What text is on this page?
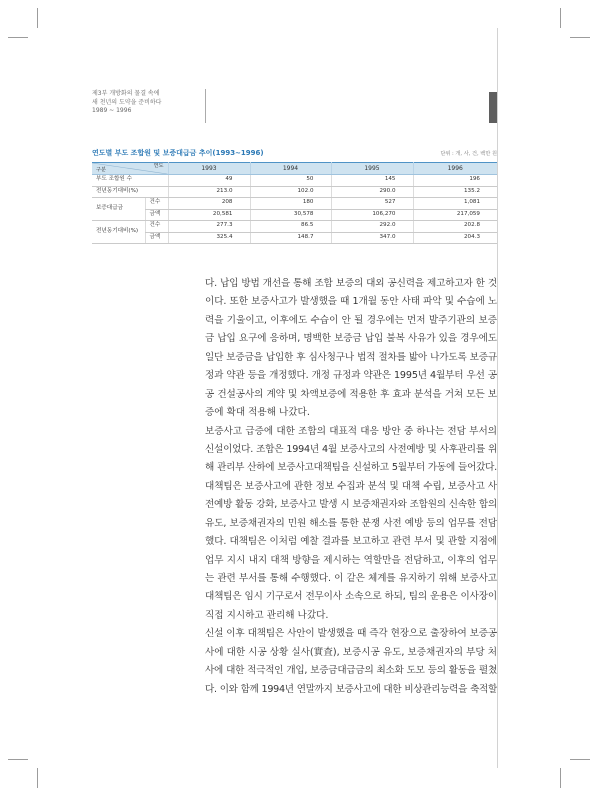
제3부 개방화의 물결 속에
새 천년의 도약을 준비하다
1989 ~ 1996
연도별 부도 조합원 및 보증대급금 추이(1993~1996)	단위 : 개, 사, 건, 백만 원
연도
구분		1993	1994	1995	1996
부도 조합원 수		49	50	145	196
전년동기대비(%)		213.0	102.0	290.0	135.2
보증대급금	건수	208	180	527	1,081
	금액	20,581	30,578	106,270	217,059
전년동기대비(%)	건수	277.3	86.5	292.0	202.8
	금액	325.4	148.7	347.0	204.3
다. 납입 방법 개선을 통해 조합 보증의 대외 공신력을 제고하고자 한 것
이다. 또한 보증사고가 발생했을 때 1개월 동안 사태 파악 및 수습에 노
력을 기울이고, 이후에도 수습이 안 될 경우에는 먼저 발주기관의 보증
금 납입 요구에 응하며, 명백한 보증금 납입 불복 사유가 있을 경우에도
일단 보증금을 납입한 후 심사청구나 법적 절차를 밟아 나가도록 보증규
정과 약관 등을 개정했다. 개정 규정과 약관은 1995년 4월부터 우선 공
공 건설공사의 계약 및 차액보증에 적용한 후 효과 분석을 거쳐 모든 보
증에 확대 적용해 나갔다.
보증사고 급증에 대한 조합의 대표적 대응 방안 중 하나는 전담 부서의
신설이었다. 조합은 1994년 4월 보증사고의 사전예방 및 사후관리를 위
해 관리부 산하에 보증사고대책팀을 신설하고 5월부터 가동에 들어갔다.
대책팀은 보증사고에 관한 정보 수집과 분석 및 대책 수립, 보증사고 사
전예방 활동 강화, 보증사고 발생 시 보증채권자와 조합원의 신속한 합의
유도, 보증채권자의 민원 해소를 통한 분쟁 사전 예방 등의 업무를 전담
했다. 대책팀은 이처럼 예찰 결과를 보고하고 관련 부서 및 관할 지점에
업무 지시 내지 대책 방향을 제시하는 역할만을 전담하고, 이후의 업무
는 관련 부서를 통해 수행했다. 이 같은 체계를 유지하기 위해 보증사고
대책팀은 임시 기구로서 전무이사 소속으로 하되, 팀의 운용은 이사장이
직접 지시하고 관리해 나갔다.
신설 이후 대책팀은 사안이 발생했을 때 즉각 현장으로 출장하여 보증공
사에 대한 시공 상황 실사(實査), 보증시공 유도, 보증채권자의 부당 처
사에 대한 적극적인 개입, 보증금대급금의 최소화 도모 등의 활동을 펼쳤
다. 이와 함께 1994년 연말까지 보증사고에 대한 비상관리능력을 축적할
